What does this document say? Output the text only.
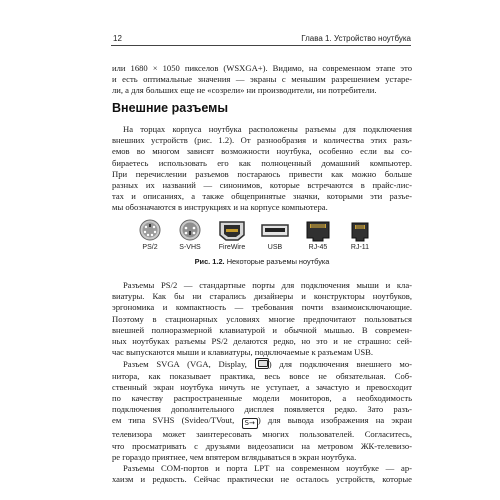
12	Глава 1. Устройство ноутбука
или 1680 × 1050 пикселов (WSXGA+). Видимо, на современном этапе это
и есть оптимальные значения — экраны с меньшим разрешением устаре-
ли, а для больших еще не «созрели» ни производители, ни потребители.
Внешние разъемы
На торцах корпуса ноутбука расположены разъемы для подключения
внешних устройств (рис. 1.2). От разнообразия и количества этих разъ-
емов во многом зависят возможности ноутбука, особенно если вы со-
бираетесь использовать его как полноценный домашний компьютер.
При перечислении разъемов постараюсь привести как можно больше
разных их названий — синонимов, которые встречаются в прайс-лис-
тах и описаниях, а также общепринятые значки, которыми эти разъе-
мы обозначаются в инструкциях и на корпусе компьютера.
PS/2	S-VHS	FireWire	USB	RJ-45	RJ-11
Рис. 1.2. Некоторые разъемы ноутбука
Разъемы PS/2 — стандартные порты для подключения мыши и кла-
виатуры. Как бы ни старались дизайнеры и конструкторы ноутбуков,
эргономика и компактность — требования почти взаимоисключающие.
Поэтому в стационарных условиях многие предпочитают пользоваться
внешней полноразмерной клавиатурой и обычной мышью. В современ-
ных ноутбуках разъемы PS/2 делаются редко, но это и не страшно: сей-
час выпускаются мыши и клавиатуры, подключаемые к разъемам USB.
Разъем SVGA (VGA, Display,	) для подключения внешнего мо-
нитора, как показывает практика, весь вовсе не обязательная. Соб-
ственный экран ноутбука ничуть не уступает, а зачастую и превосходит
по качеству распространенные модели мониторов, а необходимость
подключения дополнительного дисплея появляется редко. Зато разъ-
ем типа SVHS (Svideo/TVout, S→ ) для вывода изображения на экран
телевизора может заинтересовать многих пользователей. Согласитесь,
что просматривать с друзьями видеозаписи на метровом ЖК-телевизо-
ре гораздо приятнее, чем впятером вглядываться в экран ноутбука.
Разъемы COM-портов и порта LPT на современном ноутбуке — ар-
хаизм и редкость. Сейчас практически не осталось устройств, которые
